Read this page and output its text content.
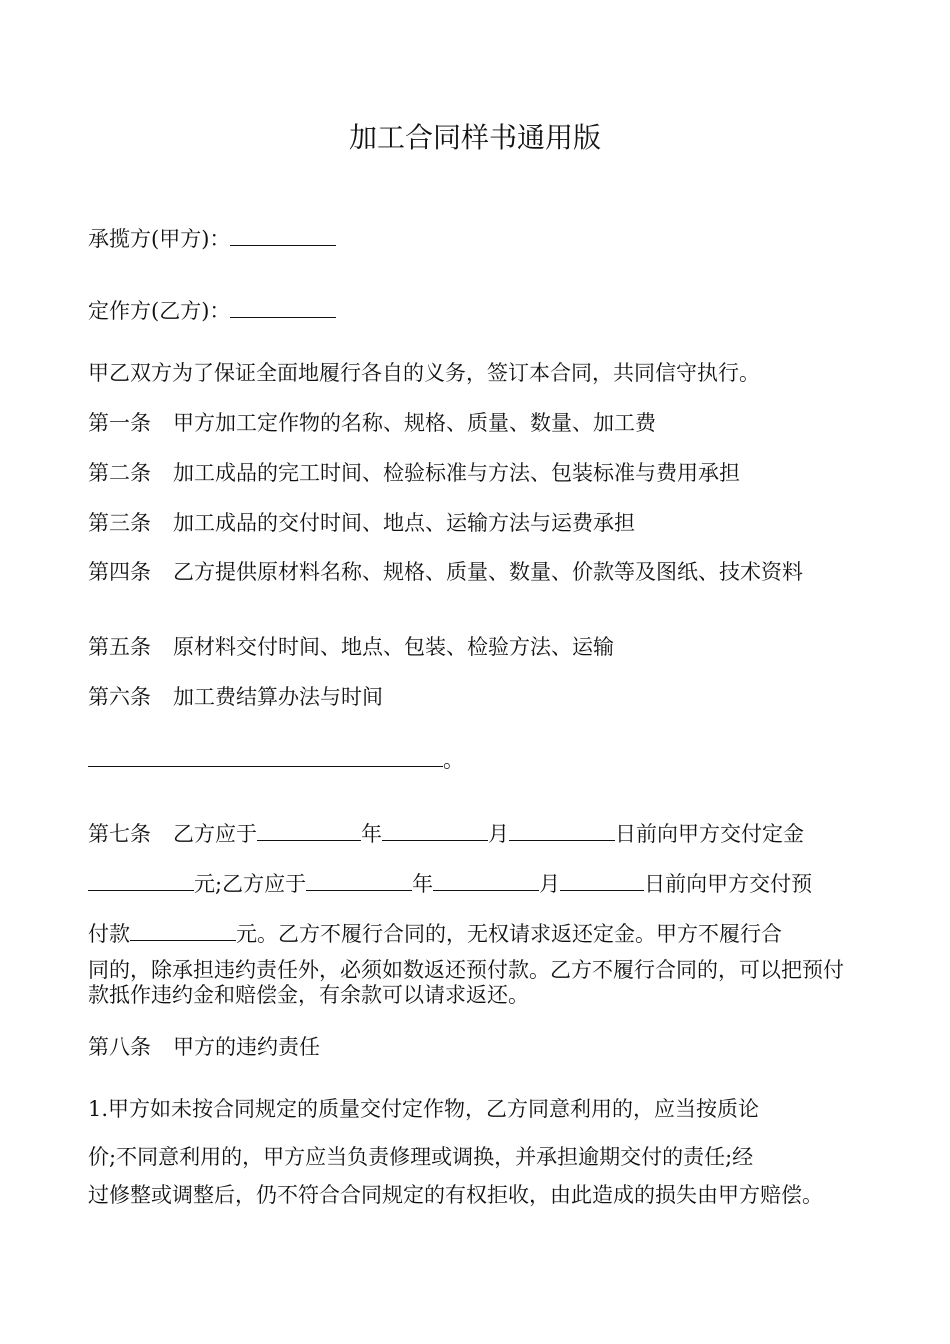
加工合同样书通用版
承揽方(甲方)：
定作方(乙方)：
甲乙双方为了保证全面地履行各自的义务，签订本合同，共同信守执行。
第一条 甲方加工定作物的名称、规格、质量、数量、加工费
第二条 加工成品的完工时间、检验标准与方法、包装标准与费用承担
第三条 加工成品的交付时间、地点、运输方法与运费承担
第四条 乙方提供原材料名称、规格、质量、数量、价款等及图纸、技术资料
第五条 原材料交付时间、地点、包装、检验方法、运输
第六条 加工费结算办法与时间
。
第七条 乙方应于	年	月	日前向甲方交付定金
元;乙方应于	年	月	日前向甲方交付预
付款	元。乙方不履行合同的，无权请求返还定金。甲方不履行合
同的，除承担违约责任外，必须如数返还预付款。乙方不履行合同的，可以把预付款抵作违约金和赔偿金，有余款可以请求返还。
第八条 甲方的违约责任
1.甲方如未按合同规定的质量交付定作物，乙方同意利用的，应当按质论
价;不同意利用的，甲方应当负责修理或调换，并承担逾期交付的责任;经
过修整或调整后，仍不符合合同规定的有权拒收，由此造成的损失由甲方赔偿。
